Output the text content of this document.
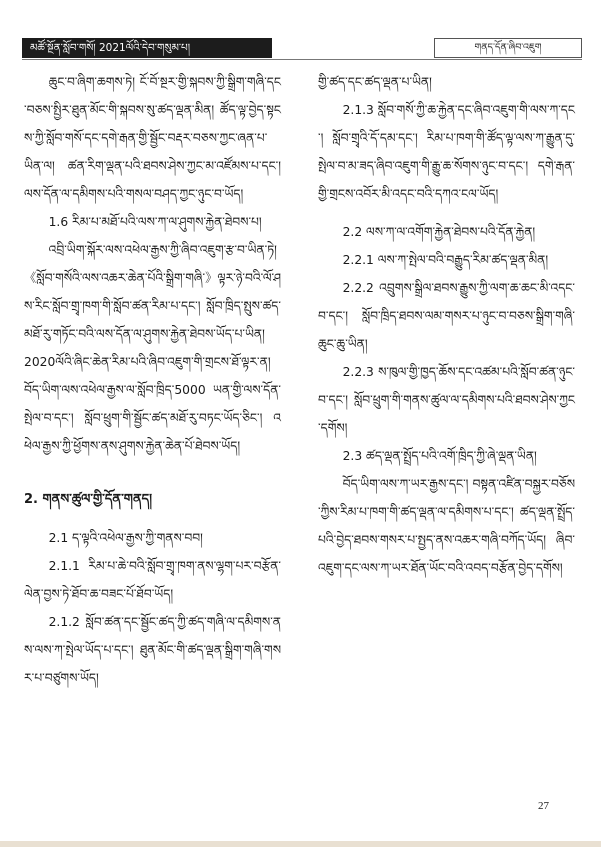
མཚོ་སྔོན་སློབ་གསོ། 2021ལོའི་དེབ་གསུམ་པ།	གནད་དོན་ཞིབ་འཇུག

ཆུང་བ་ཞིག་ཆགས་ཏེ། ངོ་བོ་སྔར་གྱི་སྐབས་ཀྱི་སྒྲིག་གཞི་དང་བཅས་སྤྱིར་ཐུན་མོང་གི་སྐབས་སུ་ཚད་ལྡན་མིན། ཚོད་ལྟ་བྱེད་སྟངས་ཀྱི་སློབ་གསོ་དང་དགེ་རྒན་གྱི་སྦྱོང་བརྡར་བཅས་ཀྱང་ཞན་པ་ཡིན་ལ། ཚན་རིག་ལྡན་པའི་ཐབས་ཤེས་ཀྱང་མ་འཛོམས་པ་དང་། ལས་དོན་ལ་དམིགས་པའི་གསལ་བཤད་ཀྱང་ཉུང་བ་ཡོད།

1.6 རིམ་པ་མཐོ་པའི་ལས་ཀ་ལ་ཤུགས་རྐྱེན་ཐེབས་པ།

འབྲི་ཡིག་སྐོར་ལས་འཕེལ་རྒྱས་ཀྱི་ཞིབ་འཇུག་རྩ་བ་ཡིན་ཏེ། 《སློབ་གསོའི་ལས་འཆར་ཆེན་པོའི་སྒྲིག་གཞི་》ལྟར་ཉེ་བའི་ལོ་ཤས་རིང་སློབ་གྲྭ་ཁག་གི་སློབ་ཚན་རིམ་པ་དང་། སློབ་ཁྲིད་སྤུས་ཚད་མཐོ་རུ་གཏོང་བའི་ལས་དོན་ལ་ཤུགས་རྐྱེན་ཐེབས་ཡོད་པ་ཡིན།

2020ལོའི་ཞིང་ཆེན་རིམ་པའི་ཞིབ་འཇུག་གི་གྲངས་ཐོ་ལྟར་ན། བོད་ཡིག་ལས་འཕེལ་རྒྱས་ལ་སློབ་ཁྲིད་5000 ཡན་གྱི་ལས་དོན་སྤེལ་བ་དང་། སློབ་ཕྲུག་གི་སྦྱོང་ཚད་མཐོ་རུ་བཏང་ཡོད་ཅིང་། འཕེལ་རྒྱས་ཀྱི་ཕྱོགས་ནས་ཤུགས་རྐྱེན་ཆེན་པོ་ཐེབས་ཡོད།

2. གནས་ཚུལ་གྱི་དོན་གནད།

2.1 ད་ལྟའི་འཕེལ་རྒྱས་ཀྱི་གནས་བབ།

2.1.1 རིམ་པ་ཆེ་བའི་སློབ་གྲྭ་ཁག་ནས་ལྷག་པར་བརྩོན་ལེན་བྱས་ཏེ་ཐོབ་ཆ་བཟང་པོ་ཐོབ་ཡོད།

2.1.2 སློབ་ཚན་དང་སྦྱོང་ཚད་ཀྱི་ཚད་གཞི་ལ་དམིགས་ནས་ལས་ཀ་སྤེལ་ཡོད་པ་དང་། ཐུན་མོང་གི་ཚད་ལྡན་སྒྲིག་གཞི་གསར་པ་བཙུགས་ཡོད།

གྱི་ཚད་དང་ཚད་ལྡན་པ་ཡིན།

2.1.3 སློབ་གསོ་ཀྱི་ཆ་རྐྱེན་དང་ཞིབ་འཇུག་གི་ལས་ཀ་དང་། སློབ་གྲྭའི་དོ་དམ་དང་། རིམ་པ་ཁག་གི་ཚོད་ལྟ་ལས་ཀ་རྒྱུན་དུ་སྤེལ་བ་མ་ཟད་ཞིབ་འཇུག་གི་རྒྱུ་ཆ་སོགས་ཉུང་བ་དང་། དགེ་རྒན་གྱི་གྲངས་འབོར་མི་འདང་བའི་དཀའ་ངལ་ཡོད།

2.2 ལས་ཀ་ལ་འགོག་རྐྱེན་ཐེབས་པའི་དོན་རྐྱེན།

2.2.1 ལས་ཀ་སྤེལ་བའི་བརྒྱུད་རིམ་ཚད་ལྡན་མིན།

2.2.2 འབྲུགས་སྒྲིལ་ཐབས་རྒྱུས་ཀྱི་ལག་ཆ་ཆང་མི་འདང་བ་དང་། སློབ་ཁྲིད་ཐབས་ལམ་གསར་པ་ཉུང་བ་བཅས་སྒྲིག་གཞི་ཆུང་ཆུ་ཡིན།

2.2.3 ས་ཁུལ་གྱི་ཁྱད་ཆོས་དང་འཚམ་པའི་སློབ་ཚན་ཉུང་བ་དང་། སློབ་ཕྲུག་གི་གནས་ཚུལ་ལ་དམིགས་པའི་ཐབས་ཤེས་ཀྱང་དགོས།

2.3 ཚད་ལྡན་སྤྲོད་པའི་འགོ་ཁྲིད་ཀྱི་ཞེ་ལྡན་ཡིན།

བོད་ཡིག་ལས་ཀ་ཡར་རྒྱས་དང་། བསྟན་འཛིན་བསྐྱར་བཅོས་ཀྱིས་རིམ་པ་ཁག་གི་ཚད་ལྡན་ལ་དམིགས་པ་དང་། ཚད་ལྡན་སྤྲོད་པའི་བྱེད་ཐབས་གསར་པ་སྤྱད་ནས་འཆར་གཞི་བཀོད་ཡོད། ཞིབ་འཇུག་དང་ལས་ཀ་ཡར་ཐོན་ཡོང་བའི་འབད་བརྩོན་བྱེད་དགོས།

27
